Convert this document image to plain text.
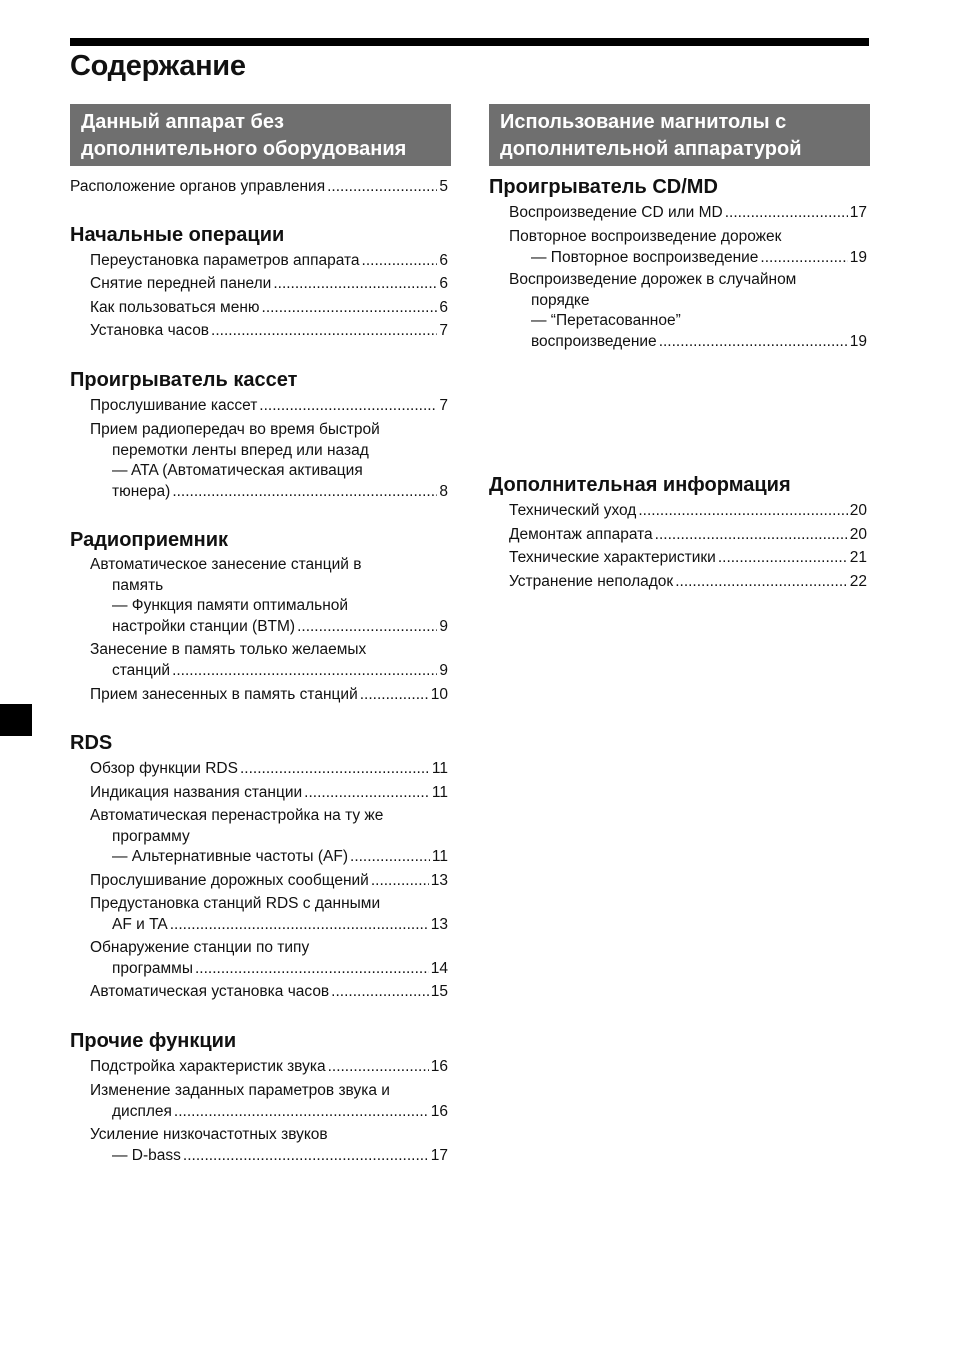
Содержание
Данный аппарат без
дополнительного оборудования
Расположение органов управления .....	5
Начальные операции
Переустановка параметров аппарата .....	6
Снятие передней панели .....	6
Как пользоваться меню .....	6
Установка часов .....	7
Проигрыватель кассет
Прослушивание кассет .....	7
Прием радиопередач во время быстрой
перемотки ленты вперед или назад
— ATA (Автоматическая активация
тюнера) .....	8
Радиоприемник
Автоматическое занесение станций в
память
— Функция памяти оптимальной
настройки станции (BTM) .....	9
Занесение в память только желаемых
станций .....	9
Прием занесенных в память станций .....	10
RDS
Обзор функции RDS .....	11
Индикация названия станции .....	11
Автоматическая перенастройка на ту же
программу
— Альтернативные частоты (AF) .....	11
Прослушивание дорожных сообщений .....	13
Предустановка станций RDS с данными
AF и TA .....	13
Обнаружение станции по типу
программы .....	14
Автоматическая установка часов .....	15
Прочие функции
Подстройка характеристик звука .....	16
Изменение заданных параметров звука и
дисплея .....	16
Усиление низкочастотных звуков
— D-bass .....	17
Использование магнитолы с
дополнительной аппаратурой
Проигрыватель CD/MD
Воспроизведение CD или MD .....	17
Повторное воспроизведение дорожек
— Повторное воспроизведение .....	19
Воспроизведение дорожек в случайном
порядке
— “Перетасованное”
воспроизведение .....	19
Дополнительная информация
Технический уход .....	20
Демонтаж аппарата .....	20
Технические характеристики .....	21
Устранение неполадок .....	22
